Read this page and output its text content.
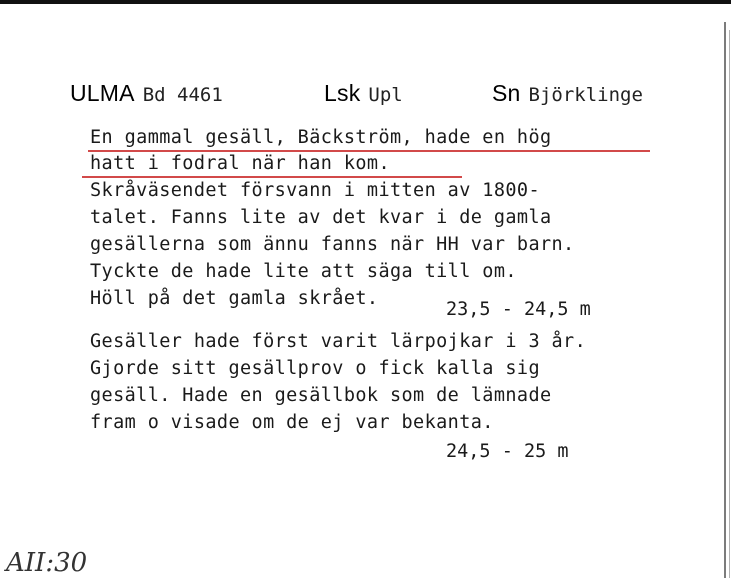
ULMA Bd 4461	Lsk Upl	Sn Björklinge
En gammal gesäll, Bäckström, hade en hög
hatt i fodral när han kom.
Skråväsendet försvann i mitten av 1800-
talet. Fanns lite av det kvar i de gamla
gesällerna som ännu fanns när HH var barn.
Tyckte de hade lite att säga till om.
Höll på det gamla skrået.
23,5 - 24,5 m
Gesäller hade först varit lärpojkar i 3 år.
Gjorde sitt gesällprov o fick kalla sig
gesäll. Hade en gesällbok som de lämnade
fram o visade om de ej var bekanta.
24,5 - 25 m
AII:30
